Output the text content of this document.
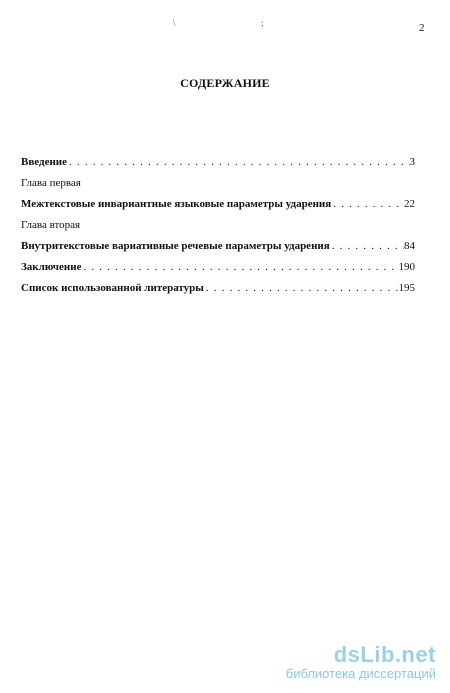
2
\	;
СОДЕРЖАНИЕ
Введение . . .	3
Глава первая
Межтекстовые инвариантные языковые параметры ударения . . .	22
Глава вторая
Внутритекстовые вариативные речевые параметры ударения . . .	84
Заключение . . .	190
Список использованной литературы . . .	195
dsLib.net
библиотека диссертаций
